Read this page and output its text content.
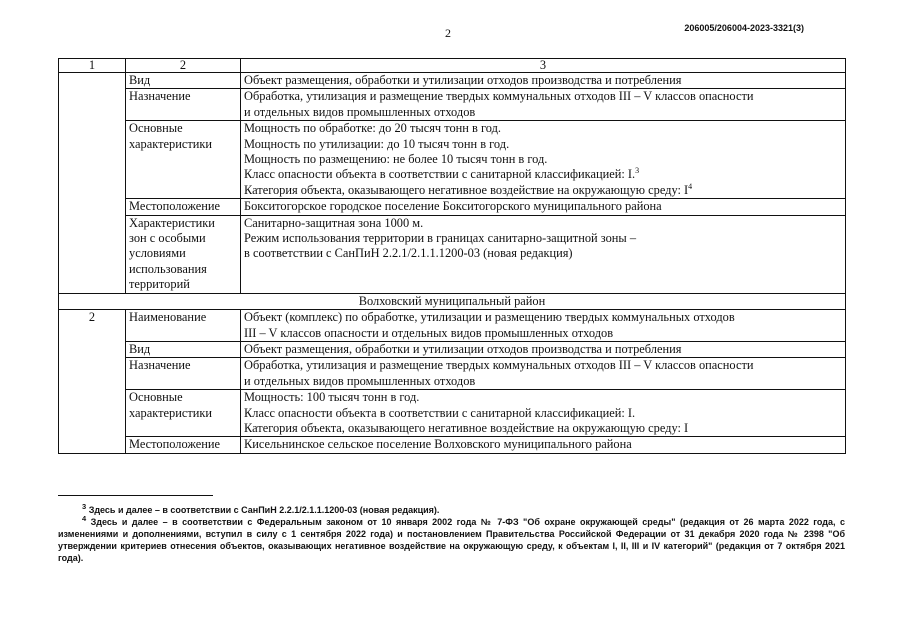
2	206005/206004-2023-3321(3)
1	2	3

	Вид	Объект размещения, обработки и утилизации отходов производства и потребления

	Назначение	Обработка, утилизация и размещение твердых коммунальных отходов III – V классов опасности
и отдельных видов промышленных отходов

	Основные
характеристики	Мощность по обработке: до 20 тысяч тонн в год.
Мощность по утилизации: до 10 тысяч тонн в год.
Мощность по размещению: не более 10 тысяч тонн в год.
Класс опасности объекта в соответствии с санитарной классификацией: I.$^3$
Категория объекта, оказывающего негативное воздействие на окружающую среду: $I^4$

	Местоположение	Бокситогорское городское поселение Бокситогорского муниципального района

	Характеристики
зон с особыми
условиями
использования
территорий	Санитарно-защитная зона 1000 м.
Режим использования территории в границах санитарно-защитной зоны –
в соответствии с СанПиН 2.2.1/2.1.1.1200-03 (новая редакция)

Волховский муниципальный район		
2	Наименование	Объект (комплекс) по обработке, утилизации и размещению твердых коммунальных отходов
III – V классов опасности и отдельных видов промышленных отходов

	Вид	Объект размещения, обработки и утилизации отходов производства и потребления

	Назначение	Обработка, утилизация и размещение твердых коммунальных отходов III – V классов опасности
и отдельных видов промышленных отходов

	Основные
характеристики	Мощность: 100 тысяч тонн в год.
Класс опасности объекта в соответствии с санитарной классификацией: I.
Категория объекта, оказывающего негативное воздействие на окружающую среду: I

	Местоположение	Кисельнинское сельское поселение Волховского муниципального района
$^3$ Здесь и далее – в соответствии с СанПиН 2.2.1/2.1.1.1200-03 (новая редакция).
$^4$ Здесь и далее – в соответствии с Федеральным законом от 10 января 2002 года № 7-ФЗ "Об охране окружающей среды" (редакция от 26 марта 2022 года, с изменениями и дополнениями, вступил в силу с 1 сентября 2022 года) и постановлением Правительства Российской Федерации от 31 декабря 2020 года № 2398 "Об утверждении критериев отнесения объектов, оказывающих негативное воздействие на окружающую среду, к объектам I, II, III и IV категорий" (редакция от 7 октября 2021 года).
